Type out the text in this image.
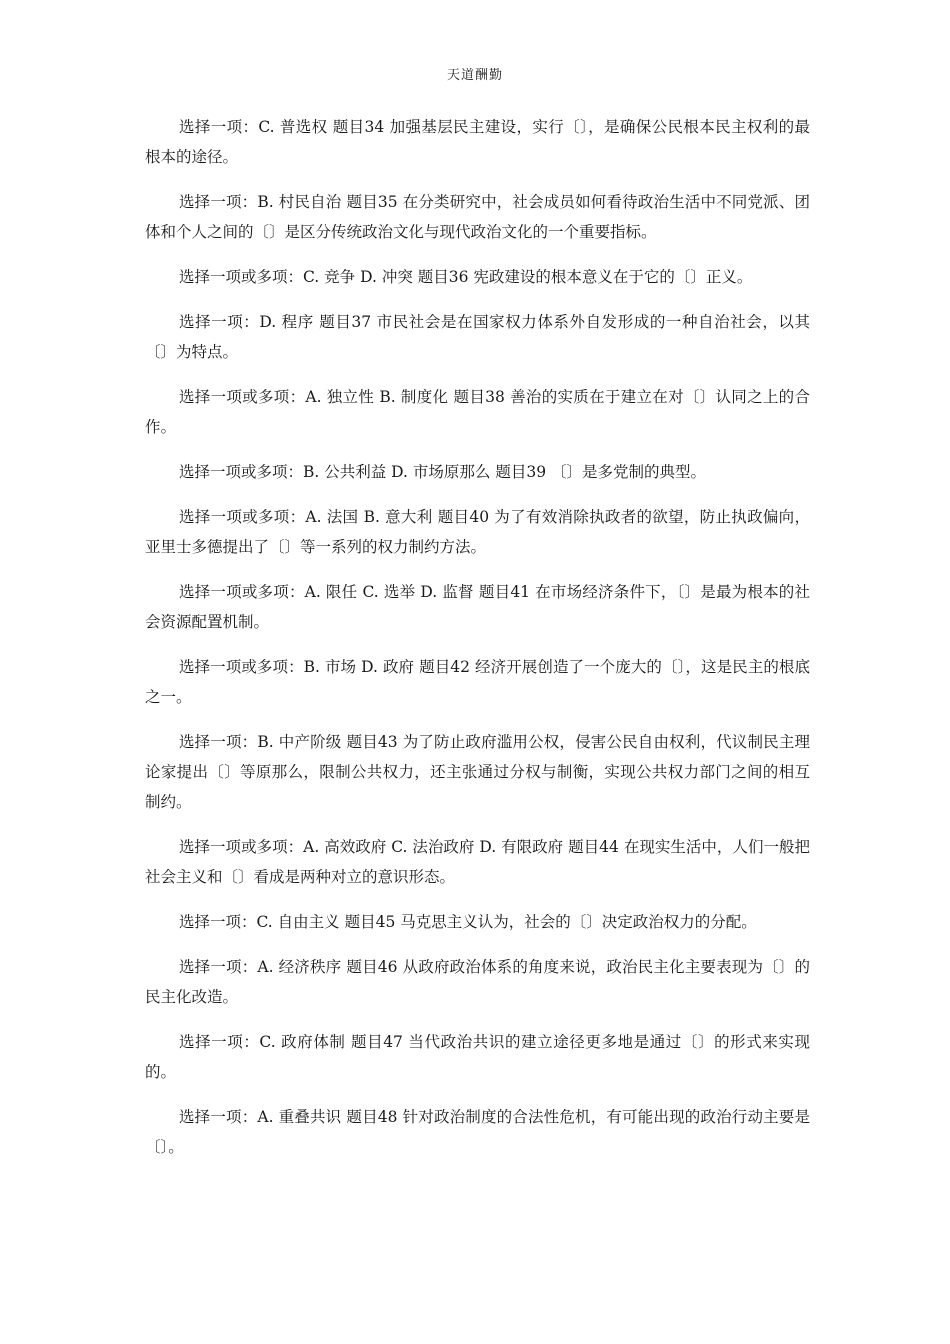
天道酬勤

选择一项：C. 普选权 题目34 加强基层民主建设，实行〔〕，是确保公民根本民主权利的最根本的途径。

选择一项：B. 村民自治 题目35 在分类研究中，社会成员如何看待政治生活中不同党派、团体和个人之间的〔〕是区分传统政治文化与现代政治文化的一个重要指标。

选择一项或多项：C. 竞争 D. 冲突 题目36 宪政建设的根本意义在于它的〔〕正义。

选择一项：D. 程序 题目37 市民社会是在国家权力体系外自发形成的一种自治社会，以其〔〕为特点。

选择一项或多项：A. 独立性 B. 制度化 题目38 善治的实质在于建立在对〔〕认同之上的合作。

选择一项或多项：B. 公共利益 D. 市场原那么 题目39 〔〕是多党制的典型。

选择一项或多项：A. 法国 B. 意大利 题目40 为了有效消除执政者的欲望，防止执政偏向，亚里士多德提出了〔〕等一系列的权力制约方法。

选择一项或多项：A. 限任 C. 选举 D. 监督 题目41 在市场经济条件下，〔〕是最为根本的社会资源配置机制。

选择一项或多项：B. 市场 D. 政府 题目42 经济开展创造了一个庞大的〔〕，这是民主的根底之一。

选择一项：B. 中产阶级 题目43 为了防止政府滥用公权，侵害公民自由权利，代议制民主理论家提出〔〕等原那么，限制公共权力，还主张通过分权与制衡，实现公共权力部门之间的相互制约。

选择一项或多项：A. 高效政府 C. 法治政府 D. 有限政府 题目44 在现实生活中，人们一般把社会主义和〔〕看成是两种对立的意识形态。

选择一项：C. 自由主义 题目45 马克思主义认为，社会的〔〕决定政治权力的分配。

选择一项：A. 经济秩序 题目46 从政府政治体系的角度来说，政治民主化主要表现为〔〕的民主化改造。

选择一项：C. 政府体制 题目47 当代政治共识的建立途径更多地是通过〔〕的形式来实现的。

选择一项：A. 重叠共识 题目48 针对政治制度的合法性危机，有可能出现的政治行动主要是〔〕。
